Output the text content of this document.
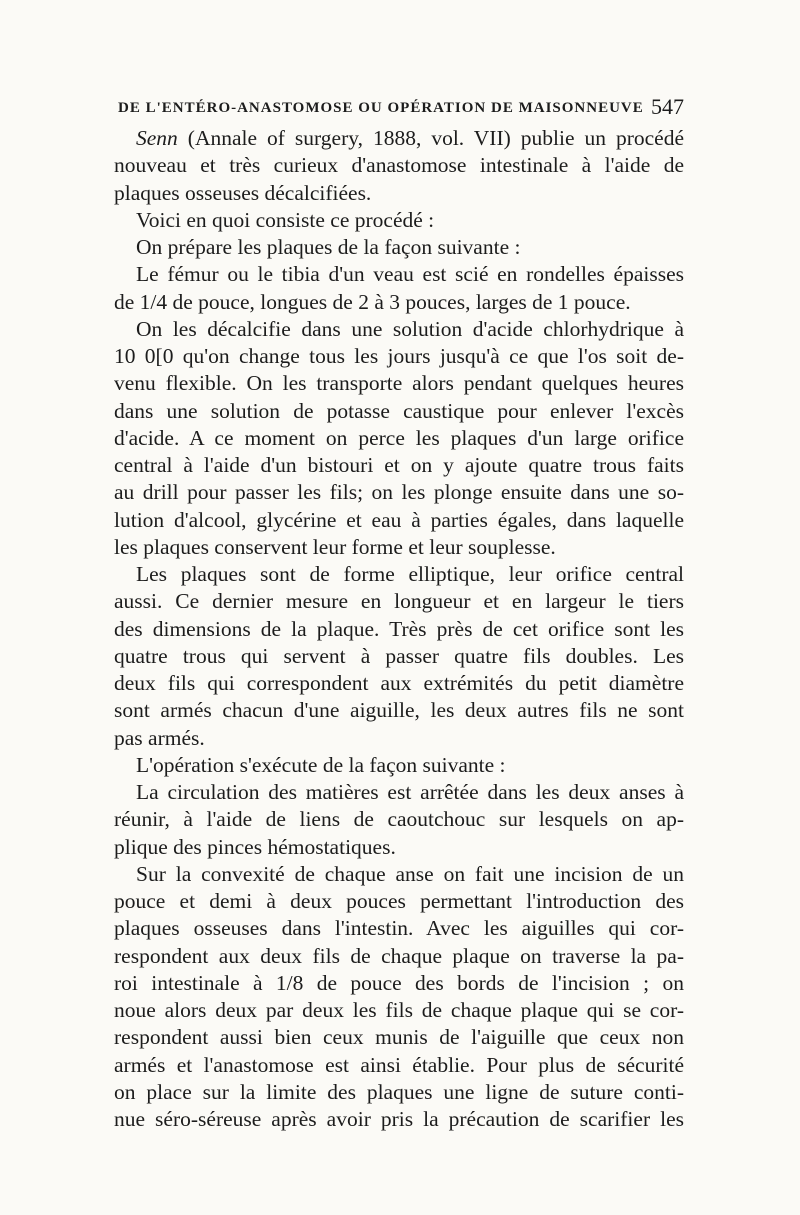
DE L'ENTÉRO-ANASTOMOSE OU OPÉRATION DE MAISONNEUVE 547
Senn (Annale of surgery, 1888, vol. VII) publie un procédé
nouveau et très curieux d'anastomose intestinale à l'aide de
plaques osseuses décalcifiées.
Voici en quoi consiste ce procédé :
On prépare les plaques de la façon suivante :
Le fémur ou le tibia d'un veau est scié en rondelles épaisses
de 1/4 de pouce, longues de 2 à 3 pouces, larges de 1 pouce.
On les décalcifie dans une solution d'acide chlorhydrique à
10 0[0 qu'on change tous les jours jusqu'à ce que l'os soit de-
venu flexible. On les transporte alors pendant quelques heures
dans une solution de potasse caustique pour enlever l'excès
d'acide. A ce moment on perce les plaques d'un large orifice
central à l'aide d'un bistouri et on y ajoute quatre trous faits
au drill pour passer les fils; on les plonge ensuite dans une so-
lution d'alcool, glycérine et eau à parties égales, dans laquelle
les plaques conservent leur forme et leur souplesse.
Les plaques sont de forme elliptique, leur orifice central
aussi. Ce dernier mesure en longueur et en largeur le tiers
des dimensions de la plaque. Très près de cet orifice sont les
quatre trous qui servent à passer quatre fils doubles. Les
deux fils qui correspondent aux extrémités du petit diamètre
sont armés chacun d'une aiguille, les deux autres fils ne sont
pas armés.
L'opération s'exécute de la façon suivante :
La circulation des matières est arrêtée dans les deux anses à
réunir, à l'aide de liens de caoutchouc sur lesquels on ap-
plique des pinces hémostatiques.
Sur la convexité de chaque anse on fait une incision de un
pouce et demi à deux pouces permettant l'introduction des
plaques osseuses dans l'intestin. Avec les aiguilles qui cor-
respondent aux deux fils de chaque plaque on traverse la pa-
roi intestinale à 1/8 de pouce des bords de l'incision ; on
noue alors deux par deux les fils de chaque plaque qui se cor-
respondent aussi bien ceux munis de l'aiguille que ceux non
armés et l'anastomose est ainsi établie. Pour plus de sécurité
on place sur la limite des plaques une ligne de suture conti-
nue séro-séreuse après avoir pris la précaution de scarifier les
